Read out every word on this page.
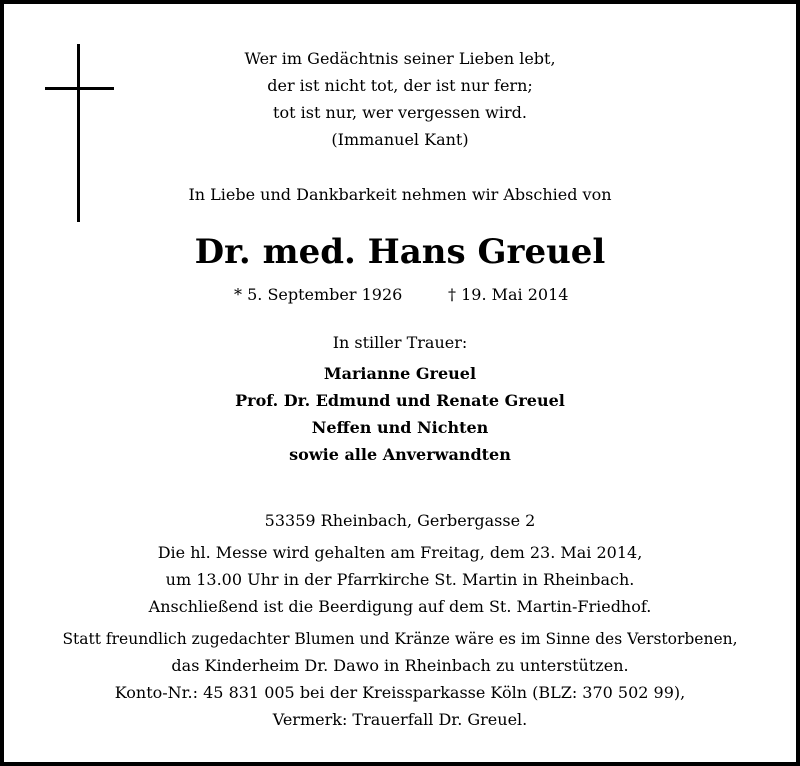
Wer im Gedächtnis seiner Lieben lebt,
der ist nicht tot, der ist nur fern;
tot ist nur, wer vergessen wird.
(Immanuel Kant)
In Liebe und Dankbarkeit nehmen wir Abschied von
Dr. med. Hans Greuel
* 5. September 1926	† 19. Mai 2014
In stiller Trauer:
Marianne Greuel
Prof. Dr. Edmund und Renate Greuel
Neffen und Nichten
sowie alle Anverwandten
53359 Rheinbach, Gerbergasse 2
Die hl. Messe wird gehalten am Freitag, dem 23. Mai 2014,
um 13.00 Uhr in der Pfarrkirche St. Martin in Rheinbach.
Anschließend ist die Beerdigung auf dem St. Martin-Friedhof.
Statt freundlich zugedachter Blumen und Kränze wäre es im Sinne des Verstorbenen,
das Kinderheim Dr. Dawo in Rheinbach zu unterstützen.
Konto-Nr.: 45 831 005 bei der Kreissparkasse Köln (BLZ: 370 502 99),
Vermerk: Trauerfall Dr. Greuel.
